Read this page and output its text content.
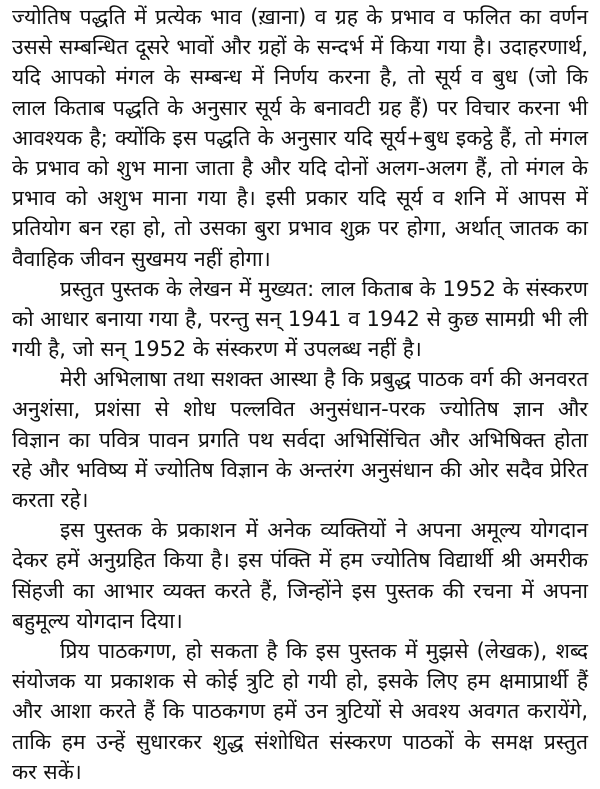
ज्योतिष पद्धति में प्रत्येक भाव (ख़ाना) व ग्रह के प्रभाव व फलित का वर्णन
उससे सम्बन्धित दूसरे भावों और ग्रहों के सन्दर्भ में किया गया है। उदाहरणार्थ,
यदि आपको मंगल के सम्बन्ध में निर्णय करना है, तो सूर्य व बुध (जो कि
लाल किताब पद्धति के अनुसार सूर्य के बनावटी ग्रह हैं) पर विचार करना भी
आवश्यक है; क्योंकि इस पद्धति के अनुसार यदि सूर्य+बुध इकट्ठे हैं, तो मंगल
के प्रभाव को शुभ माना जाता है और यदि दोनों अलग-अलग हैं, तो मंगल के
प्रभाव को अशुभ माना गया है। इसी प्रकार यदि सूर्य व शनि में आपस में
प्रतियोग बन रहा हो, तो उसका बुरा प्रभाव शुक्र पर होगा, अर्थात् जातक का
वैवाहिक जीवन सुखमय नहीं होगा।
प्रस्तुत पुस्तक के लेखन में मुख्यत: लाल किताब के 1952 के संस्करण
को आधार बनाया गया है, परन्तु सन् 1941 व 1942 से कुछ सामग्री भी ली
गयी है, जो सन् 1952 के संस्करण में उपलब्ध नहीं है।
मेरी अभिलाषा तथा सशक्त आस्था है कि प्रबुद्ध पाठक वर्ग की अनवरत
अनुशंसा, प्रशंसा से शोध पल्लवित अनुसंधान-परक ज्योतिष ज्ञान और
विज्ञान का पवित्र पावन प्रगति पथ सर्वदा अभिसिंचित और अभिषिक्त होता
रहे और भविष्य में ज्योतिष विज्ञान के अन्तरंग अनुसंधान की ओर सदैव प्रेरित
करता रहे।
इस पुस्तक के प्रकाशन में अनेक व्यक्तियों ने अपना अमूल्य योगदान
देकर हमें अनुग्रहित किया है। इस पंक्ति में हम ज्योतिष विद्यार्थी श्री अमरीक
सिंहजी का आभार व्यक्त करते हैं, जिन्होंने इस पुस्तक की रचना में अपना
बहुमूल्य योगदान दिया।
प्रिय पाठकगण, हो सकता है कि इस पुस्तक में मुझसे (लेखक), शब्द
संयोजक या प्रकाशक से कोई त्रुटि हो गयी हो, इसके लिए हम क्षमाप्रार्थी हैं
और आशा करते हैं कि पाठकगण हमें उन त्रुटियों से अवश्य अवगत करायेंगे,
ताकि हम उन्हें सुधारकर शुद्ध संशोधित संस्करण पाठकों के समक्ष प्रस्तुत
कर सकें।
